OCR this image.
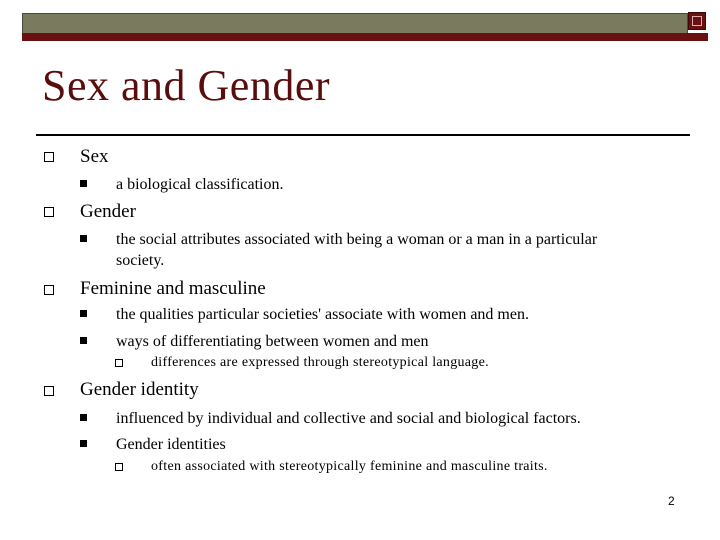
Sex and Gender
Sex
a biological classification.
Gender
the social attributes associated with being a woman or a man in a particular society.
Feminine and masculine
the qualities particular societies' associate with women and men.
ways of differentiating between women and men
differences are expressed through stereotypical language.
Gender identity
influenced by individual and collective and social and biological factors.
Gender identities
often associated with stereotypically feminine and masculine traits.
2
